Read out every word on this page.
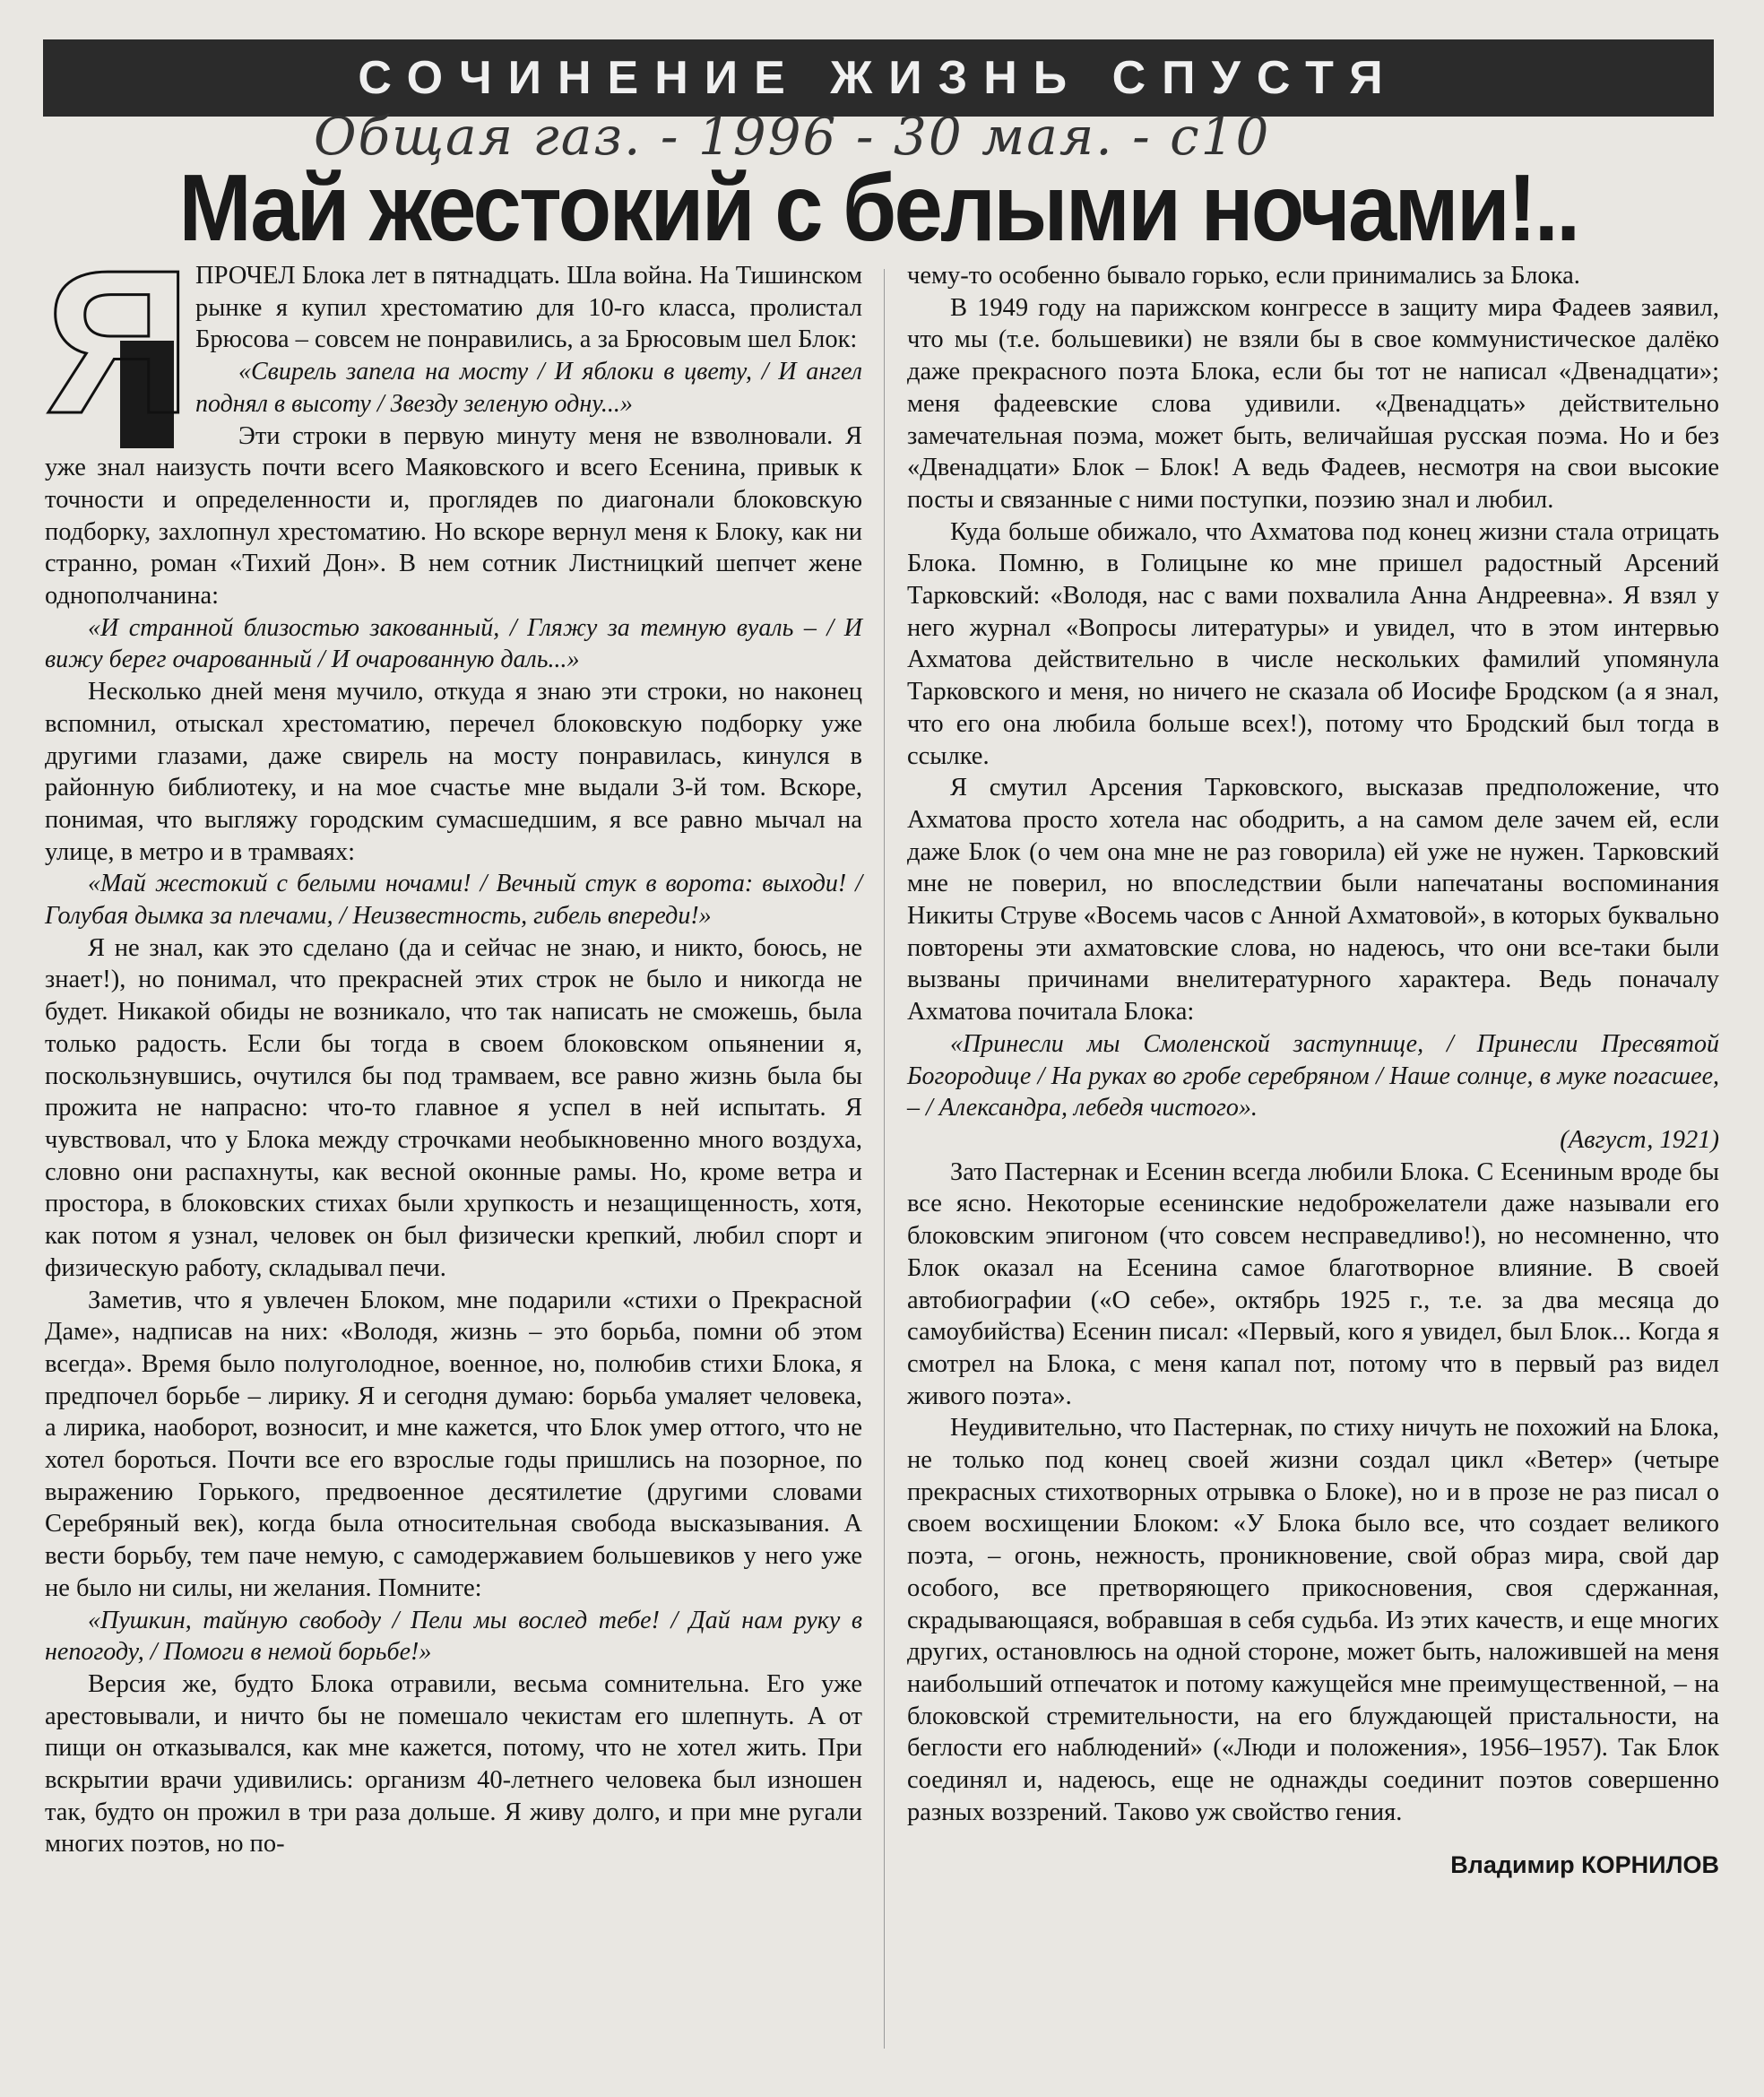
СОЧИНЕНИЕ ЖИЗНЬ СПУСТЯ
Общая газ. - 1996 - 30 мая. - с10
Май жестокий с белыми ночами!..
Я ПРОЧЕЛ Блока лет в пятнадцать. Шла война. На Тишинском рынке я купил хрестоматию для 10-го класса, пролистал Брюсова – совсем не понравились, а за Брюсовым шел Блок:

«Свирель запела на мосту / И яблоки в цвету, / И ангел поднял в высоту / Звезду зеленую одну...»

Эти строки в первую минуту меня не взволновали. Я уже знал наизусть почти всего Маяковского и всего Есенина, привык к точности и определенности и, проглядев по диагонали блоковскую подборку, захлопнул хрестоматию. Но вскоре вернул меня к Блоку, как ни странно, роман «Тихий Дон». В нем сотник Листницкий шепчет жене однополчанина:

«И странной близостью закованный, / Гляжу за темную вуаль – / И вижу берег очарованный / И очарованную даль...»

Несколько дней меня мучило, откуда я знаю эти строки, но наконец вспомнил, отыскал хрестоматию, перечел блоковскую подборку уже другими глазами, даже свирель на мосту понравилась, кинулся в районную библиотеку, и на мое счастье мне выдали 3-й том. Вскоре, понимая, что выгляжу городским сумасшедшим, я все равно мычал на улице, в метро и в трамваях:

«Май жестокий с белыми ночами! / Вечный стук в ворота: выходи! / Голубая дымка за плечами, / Неизвестность, гибель впереди!»

Я не знал, как это сделано (да и сейчас не знаю, и никто, боюсь, не знает!), но понимал, что прекрасней этих строк не было и никогда не будет. Никакой обиды не возникало, что так написать не сможешь, была только радость. Если бы тогда в своем блоковском опьянении я, поскользнувшись, очутился бы под трамваем, все равно жизнь была бы прожита не напрасно: что-то главное я успел в ней испытать. Я чувствовал, что у Блока между строчками необыкновенно много воздуха, словно они распахнуты, как весной оконные рамы. Но, кроме ветра и простора, в блоковских стихах были хрупкость и незащищенность, хотя, как потом я узнал, человек он был физически крепкий, любил спорт и физическую работу, складывал печи.

Заметив, что я увлечен Блоком, мне подарили «стихи о Прекрасной Даме», надписав на них: «Володя, жизнь – это борьба, помни об этом всегда». Время было полуголодное, военное, но, полюбив стихи Блока, я предпочел борьбе – лирику. Я и сегодня думаю: борьба умаляет человека, а лирика, наоборот, возносит, и мне кажется, что Блок умер оттого, что не хотел бороться. Почти все его взрослые годы пришлись на позорное, по выражению Горького, предвоенное десятилетие (другими словами Серебряный век), когда была относительная свобода высказывания. А вести борьбу, тем паче немую, с самодержавием большевиков у него уже не было ни силы, ни желания. Помните:

«Пушкин, тайную свободу / Пели мы вослед тебе! / Дай нам руку в непогоду, / Помоги в немой борьбе!»

Версия же, будто Блока отравили, весьма сомнительна. Его уже арестовывали, и ничто бы не помешало чекистам его шлепнуть. А от пищи он отказывался, как мне кажется, потому, что не хотел жить. При вскрытии врачи удивились: организм 40-летнего человека был изношен так, будто он прожил в три раза дольше. Я живу долго, и при мне ругали многих поэтов, но по-

чему-то особенно бывало горько, если принимались за Блока.

В 1949 году на парижском конгрессе в защиту мира Фадеев заявил, что мы (т.е. большевики) не взяли бы в свое коммунистическое далёко даже прекрасного поэта Блока, если бы тот не написал «Двенадцати»; меня фадеевские слова удивили. «Двенадцать» действительно замечательная поэма, может быть, величайшая русская поэма. Но и без «Двенадцати» Блок – Блок! А ведь Фадеев, несмотря на свои высокие посты и связанные с ними поступки, поэзию знал и любил.

Куда больше обижало, что Ахматова под конец жизни стала отрицать Блока. Помню, в Голицыне ко мне пришел радостный Арсений Тарковский: «Володя, нас с вами похвалила Анна Андреевна». Я взял у него журнал «Вопросы литературы» и увидел, что в этом интервью Ахматова действительно в числе нескольких фамилий упомянула Тарковского и меня, но ничего не сказала об Иосифе Бродском (а я знал, что его она любила больше всех!), потому что Бродский был тогда в ссылке.

Я смутил Арсения Тарковского, высказав предположение, что Ахматова просто хотела нас ободрить, а на самом деле зачем ей, если даже Блок (о чем она мне не раз говорила) ей уже не нужен. Тарковский мне не поверил, но впоследствии были напечатаны воспоминания Никиты Струве «Восемь часов с Анной Ахматовой», в которых буквально повторены эти ахматовские слова, но надеюсь, что они все-таки были вызваны причинами внелитературного характера. Ведь поначалу Ахматова почитала Блока:

«Принесли мы Смоленской заступнице, / Принесли Пресвятой Богородице / На руках во гробе серебряном / Наше солнце, в муке погасшее, – / Александра, лебедя чистого».

(Август, 1921)

Зато Пастернак и Есенин всегда любили Блока. С Есениным вроде бы все ясно. Некоторые есенинские недоброжелатели даже называли его блоковским эпигоном (что совсем несправедливо!), но несомненно, что Блок оказал на Есенина самое благотворное влияние. В своей автобиографии («О себе», октябрь 1925 г., т.е. за два месяца до самоубийства) Есенин писал: «Первый, кого я увидел, был Блок... Когда я смотрел на Блока, с меня капал пот, потому что в первый раз видел живого поэта».

Неудивительно, что Пастернак, по стиху ничуть не похожий на Блока, не только под конец своей жизни создал цикл «Ветер» (четыре прекрасных стихотворных отрывка о Блоке), но и в прозе не раз писал о своем восхищении Блоком: «У Блока было все, что создает великого поэта, – огонь, нежность, проникновение, свой образ мира, свой дар особого, все претворяющего прикосновения, своя сдержанная, скрадывающаяся, вобравшая в себя судьба. Из этих качеств, и еще многих других, остановлюсь на одной стороне, может быть, наложившей на меня наибольший отпечаток и потому кажущейся мне преимущественной, – на блоковской стремительности, на его блуждающей пристальности, на беглости его наблюдений» («Люди и положения», 1956–1957). Так Блок соединял и, надеюсь, еще не однажды соединит поэтов совершенно разных воззрений. Таково уж свойство гения.

Владимир КОРНИЛОВ
